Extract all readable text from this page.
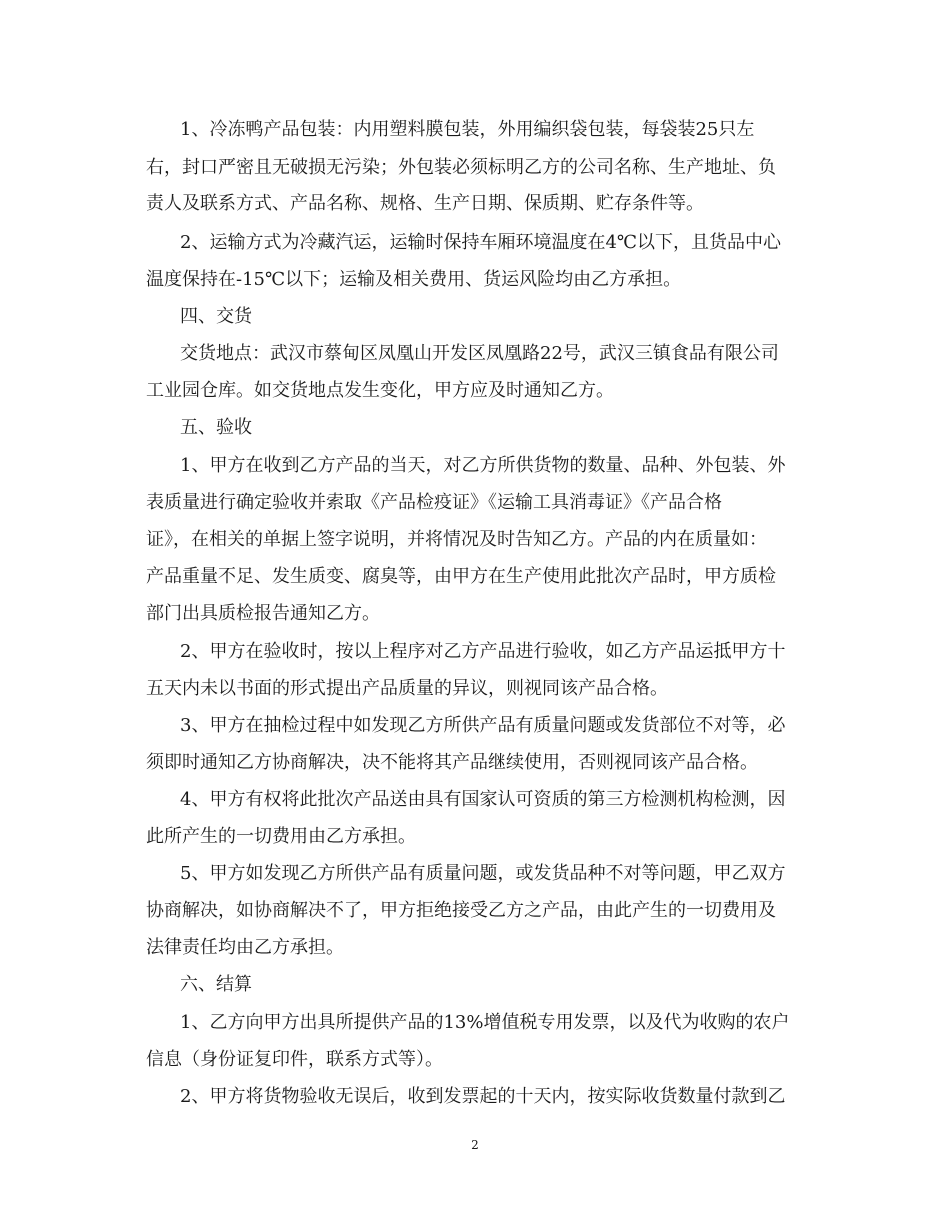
1、冷冻鸭产品包装：内用塑料膜包装，外用编织袋包装，每袋装25只左
右，封口严密且无破损无污染；外包装必须标明乙方的公司名称、生产地址、负
责人及联系方式、产品名称、规格、生产日期、保质期、贮存条件等。
2、运输方式为冷藏汽运，运输时保持车厢环境温度在4℃以下，且货品中心
温度保持在-15℃以下；运输及相关费用、货运风险均由乙方承担。
四、交货
交货地点：武汉市蔡甸区凤凰山开发区凤凰路22号，武汉三镇食品有限公司
工业园仓库。如交货地点发生变化，甲方应及时通知乙方。
五、验收
1、甲方在收到乙方产品的当天，对乙方所供货物的数量、品种、外包装、外
表质量进行确定验收并索取《产品检疫证》《运输工具消毒证》《产品合格
证》，在相关的单据上签字说明，并将情况及时告知乙方。产品的内在质量如：
产品重量不足、发生质变、腐臭等，由甲方在生产使用此批次产品时，甲方质检
部门出具质检报告通知乙方。
2、甲方在验收时，按以上程序对乙方产品进行验收，如乙方产品运抵甲方十
五天内未以书面的形式提出产品质量的异议，则视同该产品合格。
3、甲方在抽检过程中如发现乙方所供产品有质量问题或发货部位不对等，必
须即时通知乙方协商解决，决不能将其产品继续使用，否则视同该产品合格。
4、甲方有权将此批次产品送由具有国家认可资质的第三方检测机构检测，因
此所产生的一切费用由乙方承担。
5、甲方如发现乙方所供产品有质量问题，或发货品种不对等问题，甲乙双方
协商解决，如协商解决不了，甲方拒绝接受乙方之产品，由此产生的一切费用及
法律责任均由乙方承担。
六、结算
1、乙方向甲方出具所提供产品的13%增值税专用发票，以及代为收购的农户
信息（身份证复印件，联系方式等）。
2、甲方将货物验收无误后，收到发票起的十天内，按实际收货数量付款到乙
2
